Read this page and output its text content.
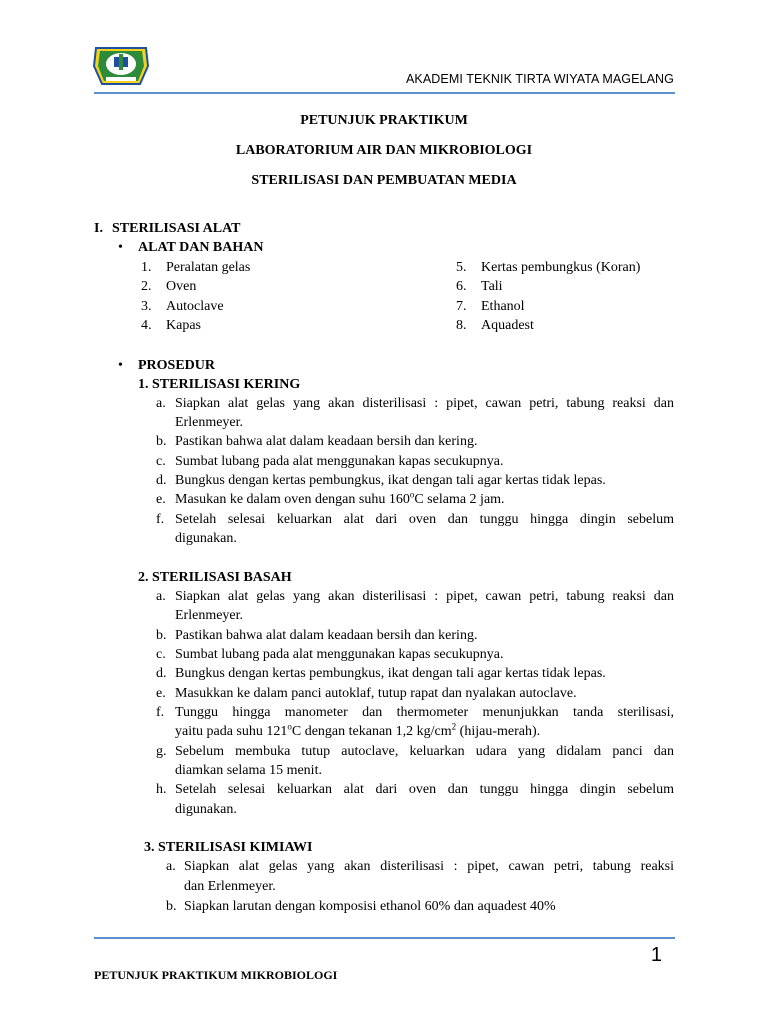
AKADEMI TEKNIK TIRTA WIYATA MAGELANG
PETUNJUK PRAKTIKUM
LABORATORIUM AIR DAN MIKROBIOLOGI
STERILISASI DAN PEMBUATAN MEDIA
I. STERILISASI ALAT
• ALAT DAN BAHAN
1. Peralatan gelas
2. Oven
3. Autoclave
4. Kapas
5. Kertas pembungkus (Koran)
6. Tali
7. Ethanol
8. Aquadest
• PROSEDUR
1. STERILISASI KERING
a. Siapkan alat gelas yang akan disterilisasi : pipet, cawan petri, tabung reaksi dan
Erlenmeyer.
b. Pastikan bahwa alat dalam keadaan bersih dan kering.
c. Sumbat lubang pada alat menggunakan kapas secukupnya.
d. Bungkus dengan kertas pembungkus, ikat dengan tali agar kertas tidak lepas.
e. Masukan ke dalam oven dengan suhu 160$^o$C selama 2 jam.
f. Setelah selesai keluarkan alat dari oven dan tunggu hingga dingin sebelum
digunakan.
2. STERILISASI BASAH
a. Siapkan alat gelas yang akan disterilisasi : pipet, cawan petri, tabung reaksi dan
Erlenmeyer.
b. Pastikan bahwa alat dalam keadaan bersih dan kering.
c. Sumbat lubang pada alat menggunakan kapas secukupnya.
d. Bungkus dengan kertas pembungkus, ikat dengan tali agar kertas tidak lepas.
e. Masukkan ke dalam panci autoklaf, tutup rapat dan nyalakan autoclave.
f. Tunggu hingga manometer dan thermometer menunjukkan tanda sterilisasi,
yaitu pada suhu 121$^o$C dengan tekanan 1,2 $kg/cm^2$ (hijau-merah).
g. Sebelum membuka tutup autoclave, keluarkan udara yang didalam panci dan
diamkan selama 15 menit.
h. Setelah selesai keluarkan alat dari oven dan tunggu hingga dingin sebelum
digunakan.
3. STERILISASI KIMIAWI
a. Siapkan alat gelas yang akan disterilisasi : pipet, cawan petri, tabung reaksi
dan Erlenmeyer.
b. Siapkan larutan dengan komposisi ethanol 60% dan aquadest 40%
1
PETUNJUK PRAKTIKUM MIKROBIOLOGI
